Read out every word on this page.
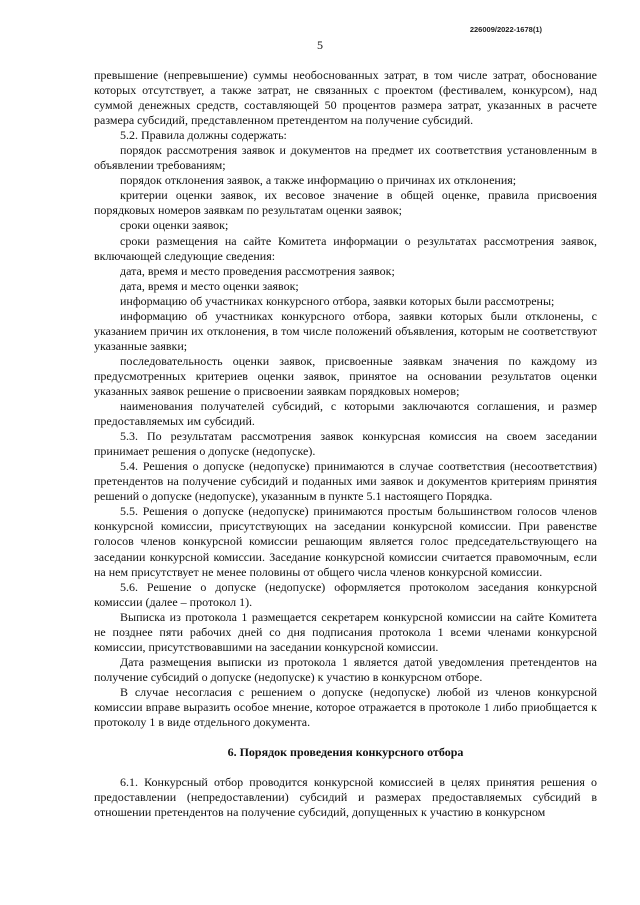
226009/2022-1678(1)
5

превышение (непревышение) суммы необоснованных затрат, в том числе затрат, обоснование которых отсутствует, а также затрат, не связанных с проектом (фестивалем, конкурсом), над суммой денежных средств, составляющей 50 процентов размера затрат, указанных в расчете размера субсидий, представленном претендентом на получение субсидий.

5.2. Правила должны содержать:

порядок рассмотрения заявок и документов на предмет их соответствия установленным в объявлении требованиям;

порядок отклонения заявок, а также информацию о причинах их отклонения;

критерии оценки заявок, их весовое значение в общей оценке, правила присвоения порядковых номеров заявкам по результатам оценки заявок;

сроки оценки заявок;

сроки размещения на сайте Комитета информации о результатах рассмотрения заявок, включающей следующие сведения:

дата, время и место проведения рассмотрения заявок;

дата, время и место оценки заявок;

информацию об участниках конкурсного отбора, заявки которых были рассмотрены;

информацию об участниках конкурсного отбора, заявки которых были отклонены, с указанием причин их отклонения, в том числе положений объявления, которым не соответствуют указанные заявки;

последовательность оценки заявок, присвоенные заявкам значения по каждому из предусмотренных критериев оценки заявок, принятое на основании результатов оценки указанных заявок решение о присвоении заявкам порядковых номеров;

наименования получателей субсидий, с которыми заключаются соглашения, и размер предоставляемых им субсидий.

5.3. По результатам рассмотрения заявок конкурсная комиссия на своем заседании принимает решения о допуске (недопуске).

5.4. Решения о допуске (недопуске) принимаются в случае соответствия (несоответствия) претендентов на получение субсидий и поданных ими заявок и документов критериям принятия решений о допуске (недопуске), указанным в пункте 5.1 настоящего Порядка.

5.5. Решения о допуске (недопуске) принимаются простым большинством голосов членов конкурсной комиссии, присутствующих на заседании конкурсной комиссии. При равенстве голосов членов конкурсной комиссии решающим является голос председательствующего на заседании конкурсной комиссии. Заседание конкурсной комиссии считается правомочным, если на нем присутствует не менее половины от общего числа членов конкурсной комиссии.

5.6. Решение о допуске (недопуске) оформляется протоколом заседания конкурсной комиссии (далее – протокол 1).

Выписка из протокола 1 размещается секретарем конкурсной комиссии на сайте Комитета не позднее пяти рабочих дней со дня подписания протокола 1 всеми членами конкурсной комиссии, присутствовавшими на заседании конкурсной комиссии.

Дата размещения выписки из протокола 1 является датой уведомления претендентов на получение субсидий о допуске (недопуске) к участию в конкурсном отборе.

В случае несогласия с решением о допуске (недопуске) любой из членов конкурсной комиссии вправе выразить особое мнение, которое отражается в протоколе 1 либо приобщается к протоколу 1 в виде отдельного документа.

6. Порядок проведения конкурсного отбора

6.1. Конкурсный отбор проводится конкурсной комиссией в целях принятия решения о предоставлении (непредоставлении) субсидий и размерах предоставляемых субсидий в отношении претендентов на получение субсидий, допущенных к участию в конкурсном
